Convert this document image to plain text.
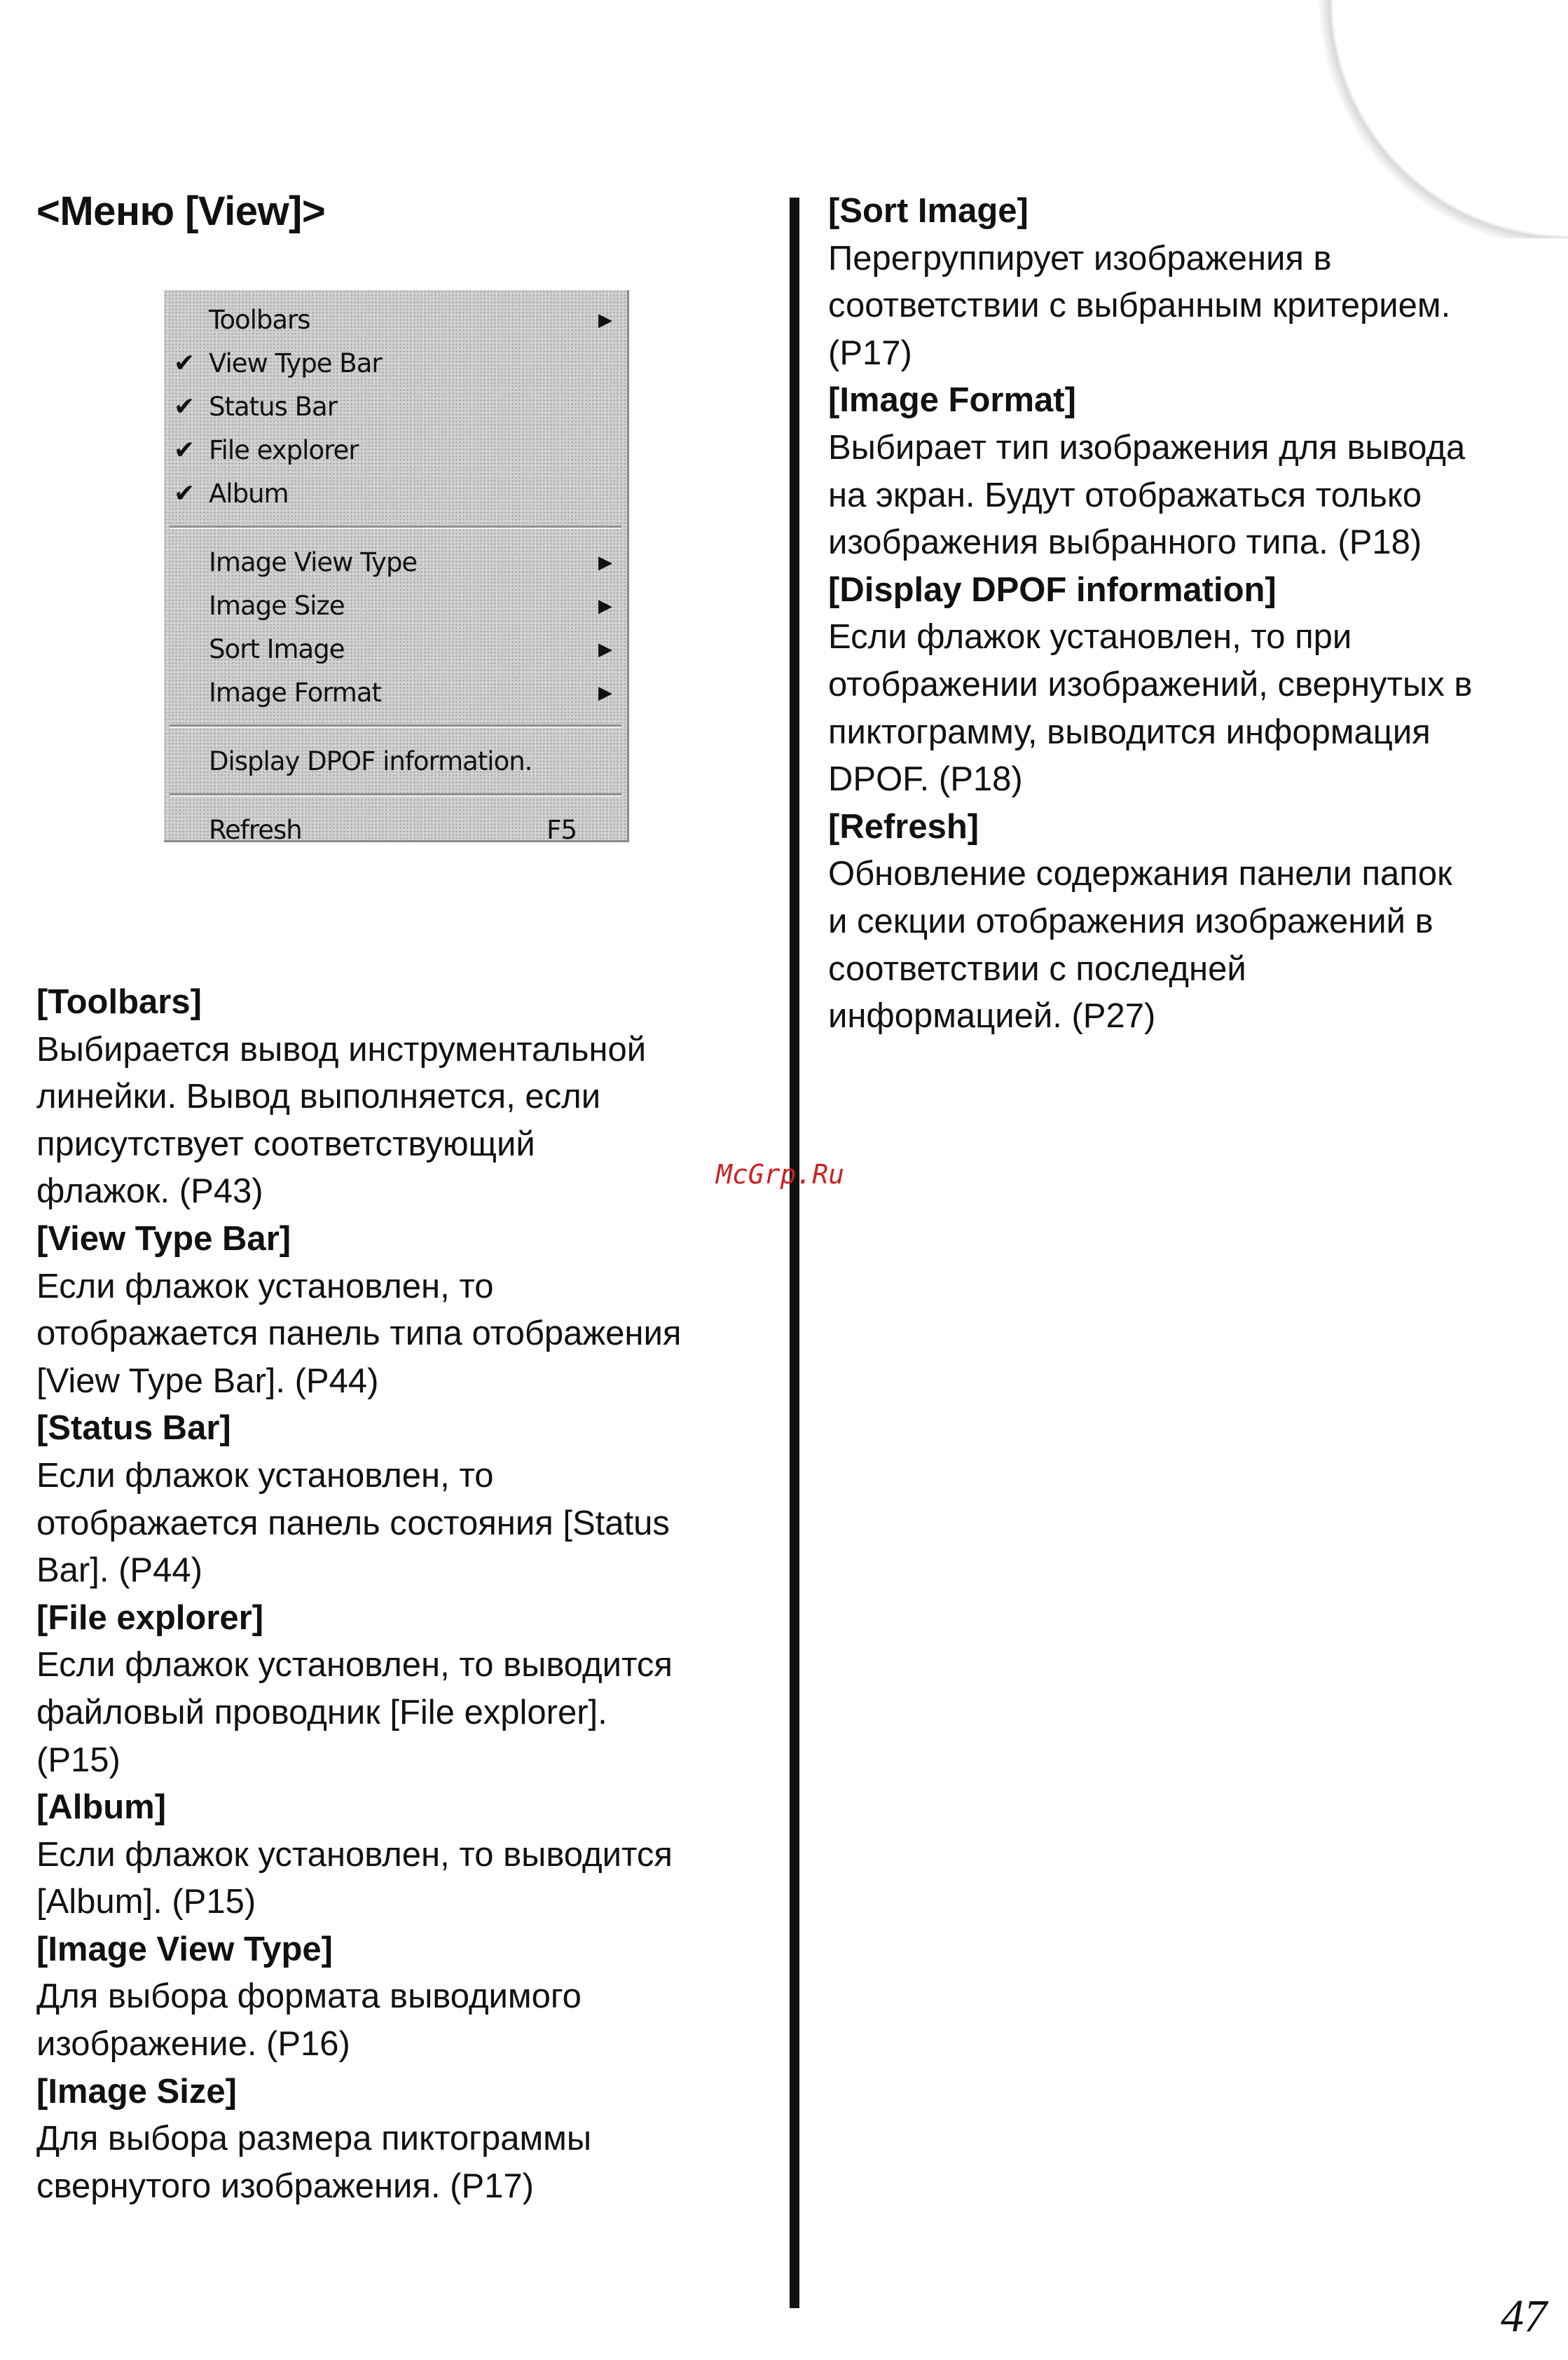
<Меню [View]>
Toolbars	▶
✔ View Type Bar
✔ Status Bar
✔ File explorer
✔ Album
Image View Type	▶
Image Size	▶
Sort Image	▶
Image Format	▶
Display DPOF information.
Refresh	F5

[Toolbars]

Выбирается вывод инструментальной

линейки. Вывод выполняется, если

присутствует соответствующий

флажок. (P43)

[View Type Bar]

Если флажок установлен, то

отображается панель типа отображения

[View Type Bar]. (P44)

[Status Bar]

Если флажок установлен, то

отображается панель состояния [Status

Bar]. (P44)

[File explorer]

Если флажок установлен, то выводится

файловый проводник [File explorer].

(P15)

[Album]

Если флажок установлен, то выводится

[Album]. (P15)

[Image View Type]

Для выбора формата выводимого

изображение. (P16)

[Image Size]

Для выбора размера пиктограммы

свернутого изображения. (P17)

[Sort Image]

Перегруппирует изображения в

соответствии с выбранным критерием.

(P17)

[Image Format]

Выбирает тип изображения для вывода

на экран. Будут отображаться только

изображения выбранного типа. (P18)

[Display DPOF information]

Если флажок установлен, то при

отображении изображений, свернутых в

пиктограмму, выводится информация

DPOF. (P18)

[Refresh]

Обновление содержания панели папок

и секции отображения изображений в

соответствии с последней

информацией. (P27)

McGrp.Ru
47
